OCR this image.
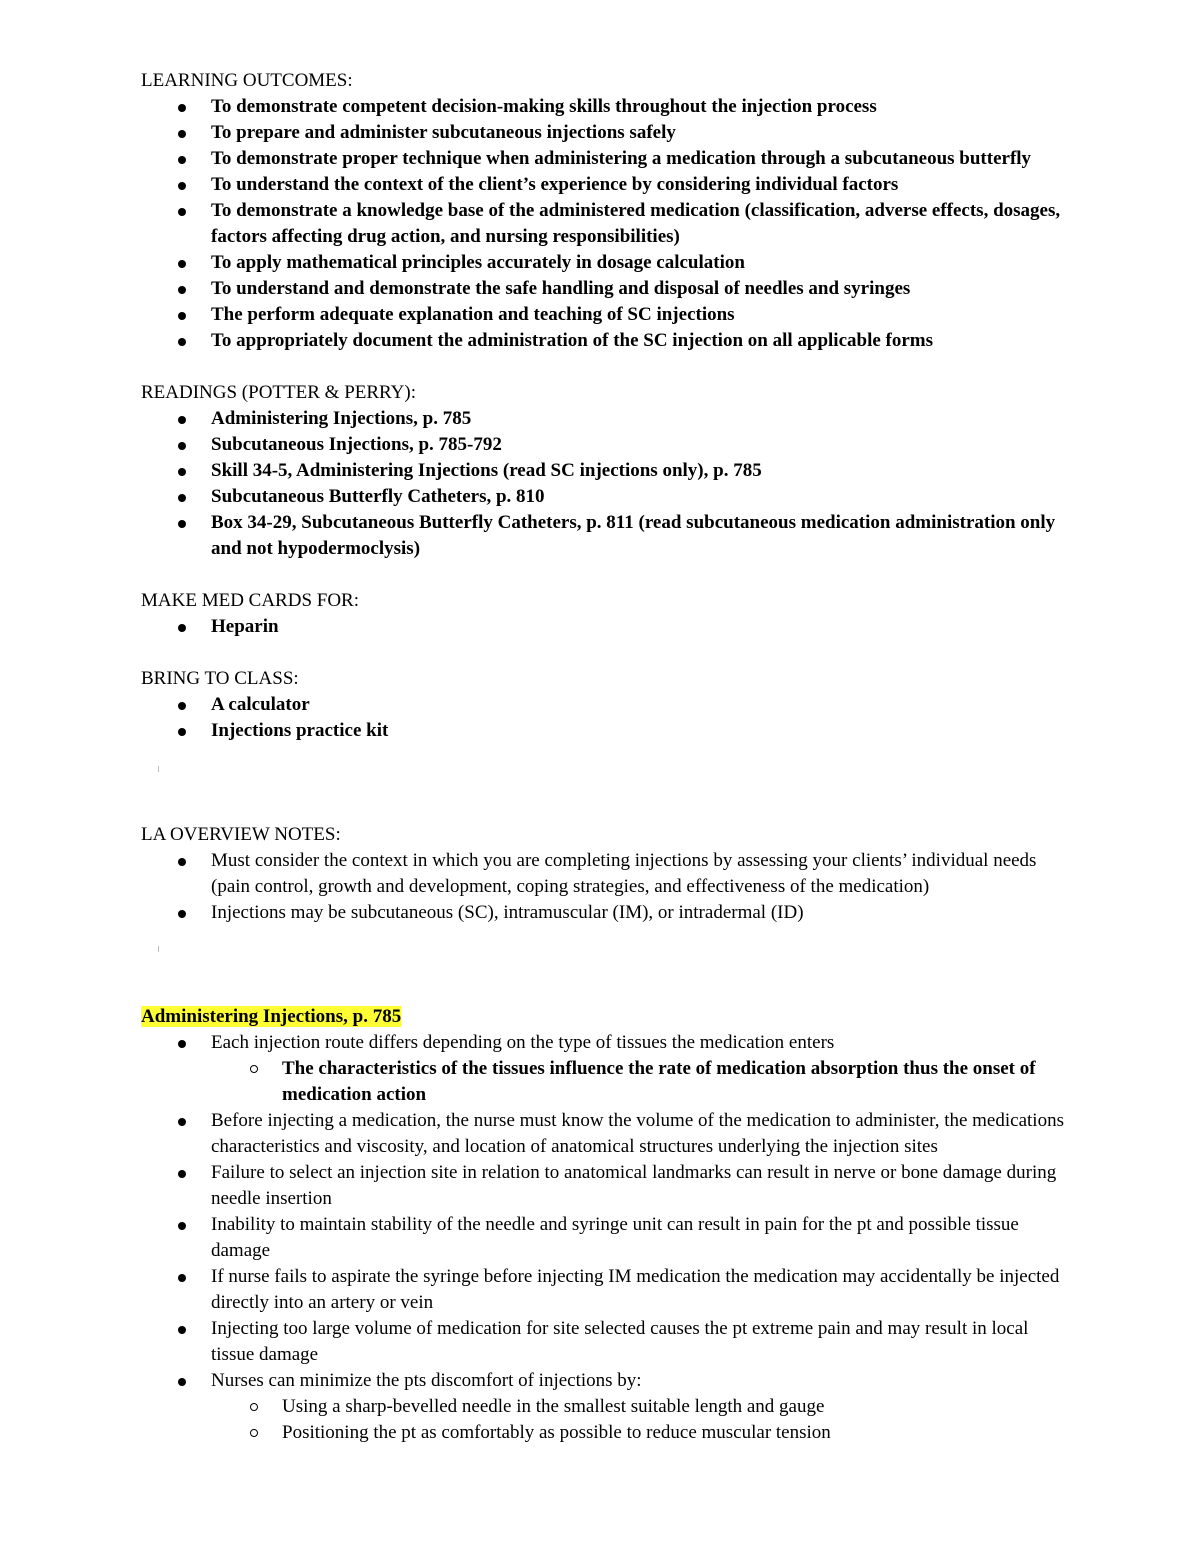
LEARNING OUTCOMES:

To demonstrate competent decision-making skills throughout the injection process
To prepare and administer subcutaneous injections safely
To demonstrate proper technique when administering a medication through a subcutaneous butterfly
To understand the context of the client’s experience by considering individual factors
To demonstrate a knowledge base of the administered medication (classification, adverse effects, dosages, factors affecting drug action, and nursing responsibilities)
To apply mathematical principles accurately in dosage calculation
To understand and demonstrate the safe handling and disposal of needles and syringes
The perform adequate explanation and teaching of SC injections
To appropriately document the administration of the SC injection on all applicable forms

READINGS (POTTER & PERRY):

Administering Injections, p. 785
Subcutaneous Injections, p. 785-792
Skill 34-5, Administering Injections (read SC injections only), p. 785
Subcutaneous Butterfly Catheters, p. 810
Box 34-29, Subcutaneous Butterfly Catheters, p. 811 (read subcutaneous medication administration only and not hypodermoclysis)

MAKE MED CARDS FOR:

Heparin

BRING TO CLASS:

A calculator
Injections practice kit

LA OVERVIEW NOTES:

Must consider the context in which you are completing injections by assessing your clients’ individual needs (pain control, growth and development, coping strategies, and effectiveness of the medication)
Injections may be subcutaneous (SC), intramuscular (IM), or intradermal (ID)

Administering Injections, p. 785

Each injection route differs depending on the type of tissues the medication enters
The characteristics of the tissues influence the rate of medication absorption thus the onset of medication action
Before injecting a medication, the nurse must know the volume of the medication to administer, the medications characteristics and viscosity, and location of anatomical structures underlying the injection sites
Failure to select an injection site in relation to anatomical landmarks can result in nerve or bone damage during needle insertion
Inability to maintain stability of the needle and syringe unit can result in pain for the pt and possible tissue damage
If nurse fails to aspirate the syringe before injecting IM medication the medication may accidentally be injected directly into an artery or vein
Injecting too large volume of medication for site selected causes the pt extreme pain and may result in local tissue damage
Nurses can minimize the pts discomfort of injections by:
Using a sharp-bevelled needle in the smallest suitable length and gauge
Positioning the pt as comfortably as possible to reduce muscular tension
